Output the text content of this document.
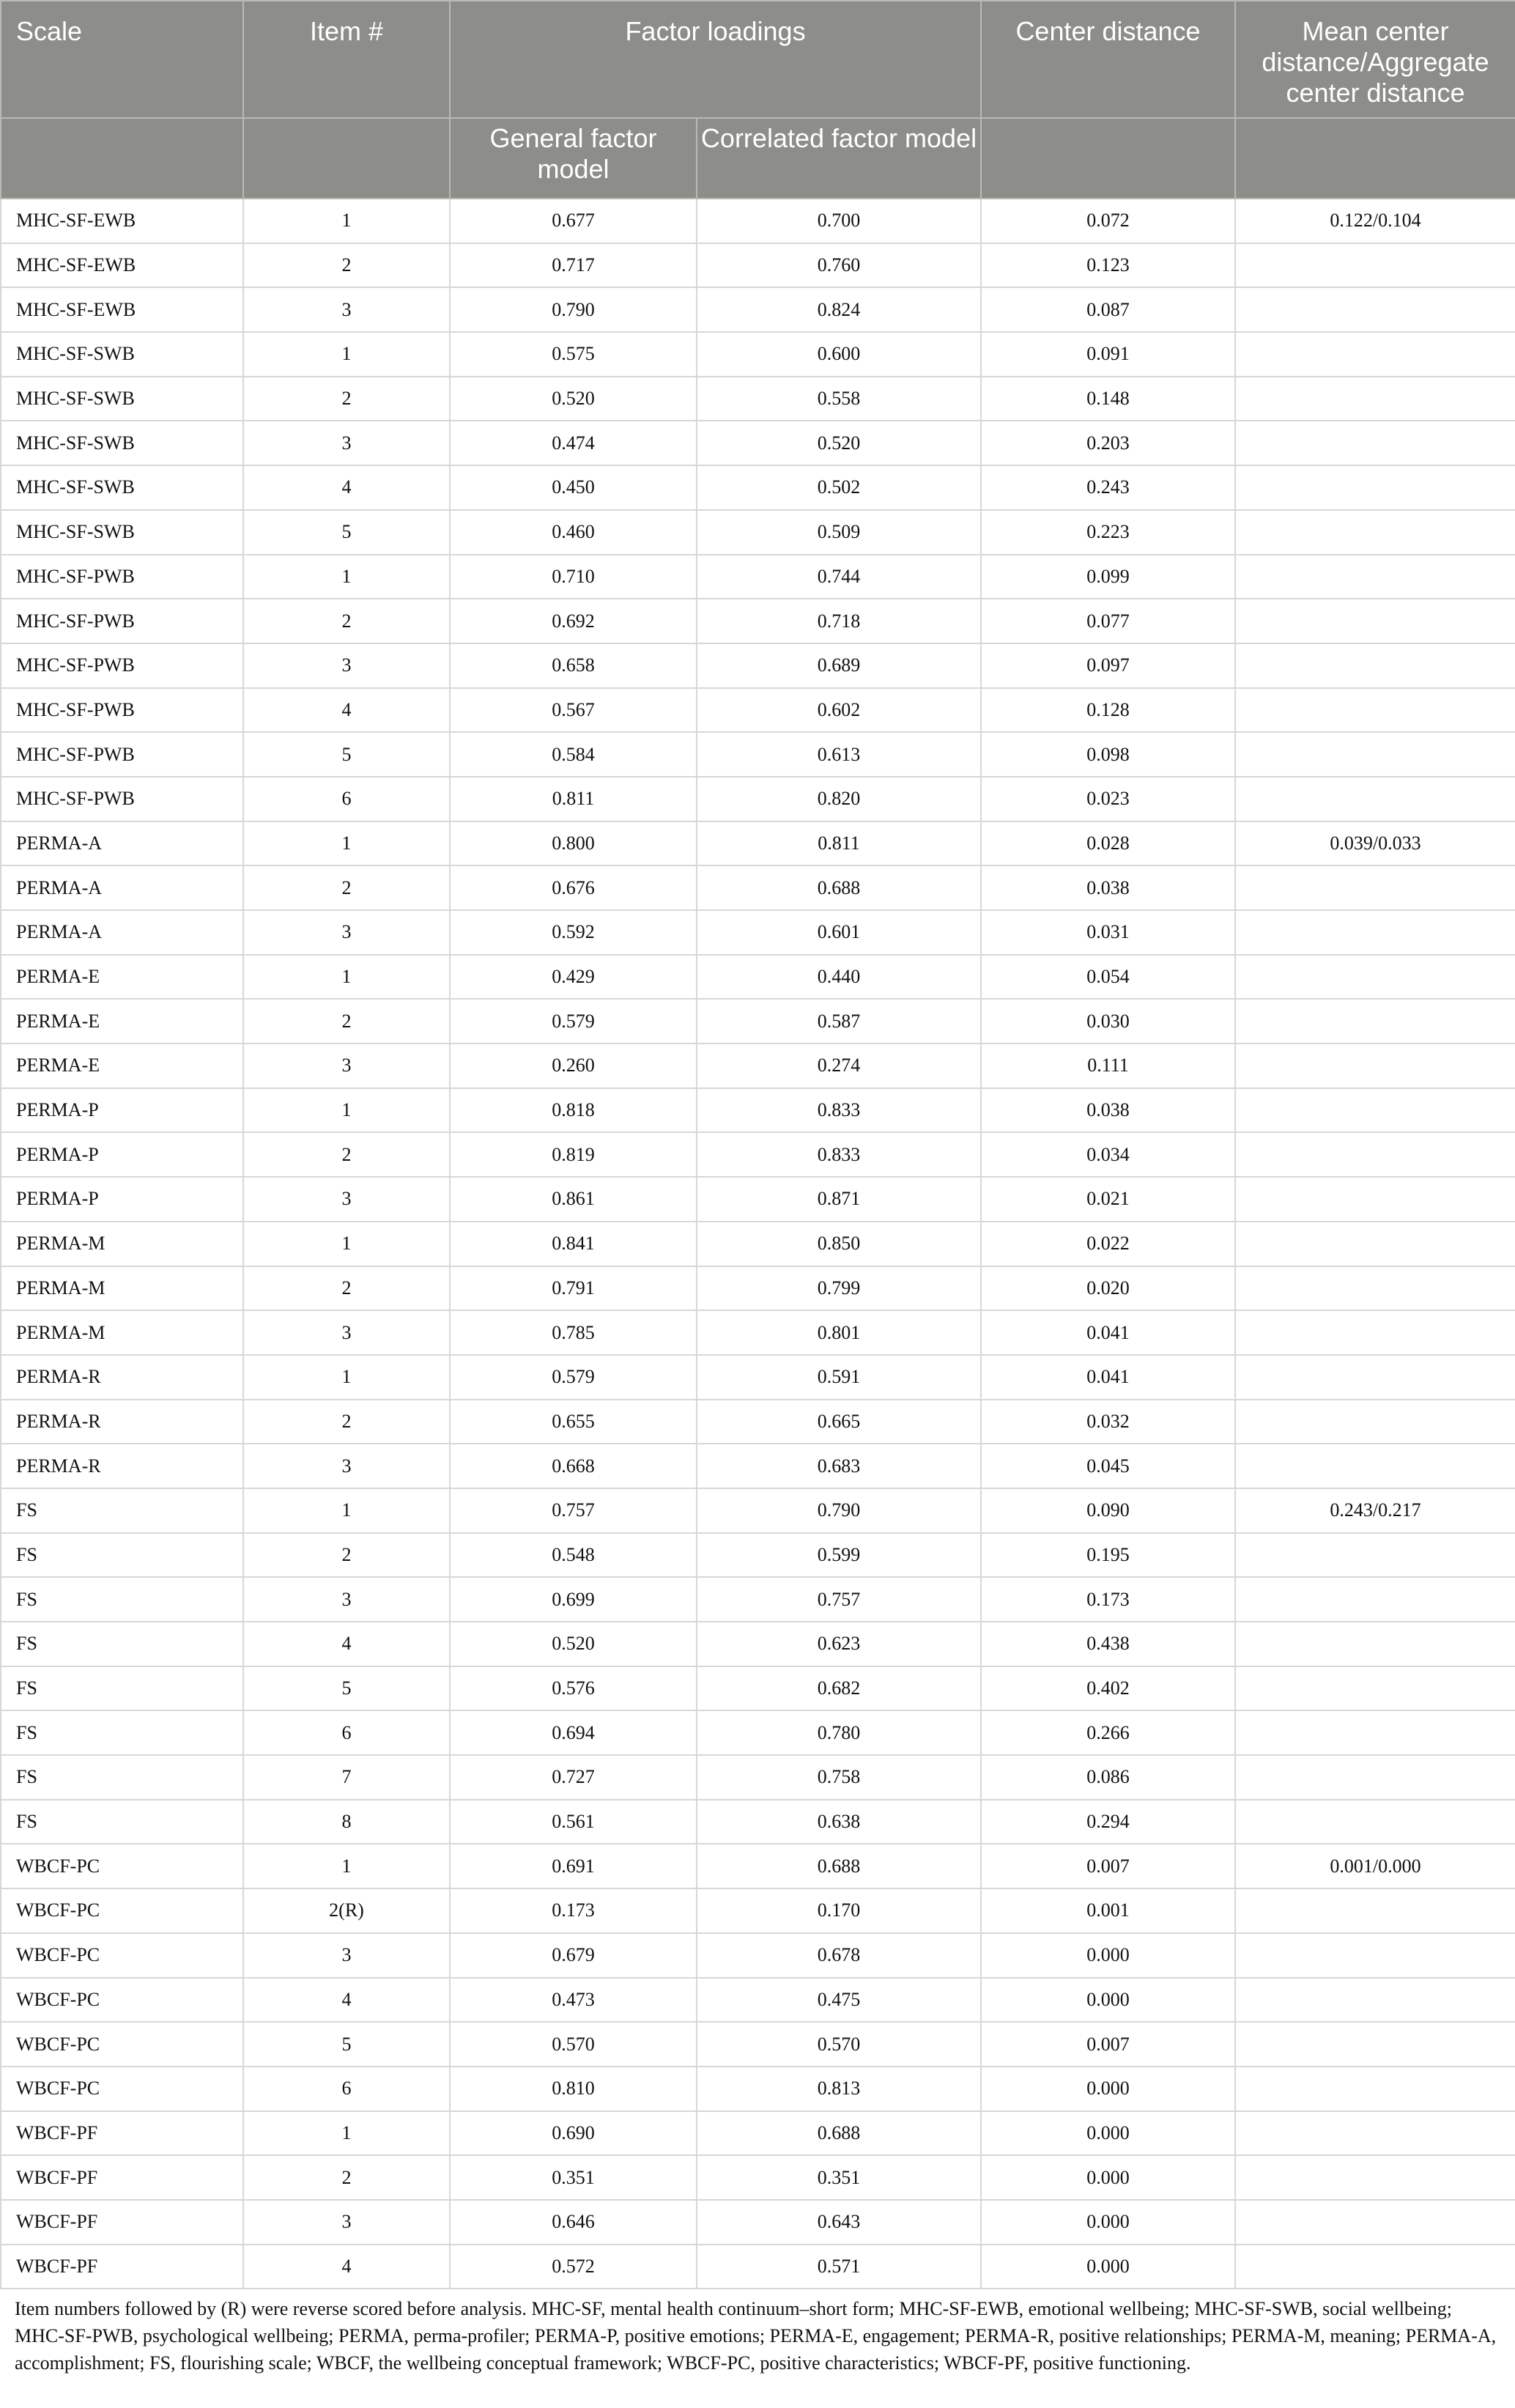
Scale	Item #	Factor loadings		Center distance	Mean center distance/Aggregate center distance
		General factor model	Correlated factor model		
MHC-SF-EWB	1	0.677	0.700	0.072	0.122/0.104
MHC-SF-EWB	2	0.717	0.760	0.123	
MHC-SF-EWB	3	0.790	0.824	0.087	
MHC-SF-SWB	1	0.575	0.600	0.091	
MHC-SF-SWB	2	0.520	0.558	0.148	
MHC-SF-SWB	3	0.474	0.520	0.203	
MHC-SF-SWB	4	0.450	0.502	0.243	
MHC-SF-SWB	5	0.460	0.509	0.223	
MHC-SF-PWB	1	0.710	0.744	0.099	
MHC-SF-PWB	2	0.692	0.718	0.077	
MHC-SF-PWB	3	0.658	0.689	0.097	
MHC-SF-PWB	4	0.567	0.602	0.128	
MHC-SF-PWB	5	0.584	0.613	0.098	
MHC-SF-PWB	6	0.811	0.820	0.023	
PERMA-A	1	0.800	0.811	0.028	0.039/0.033
PERMA-A	2	0.676	0.688	0.038	
PERMA-A	3	0.592	0.601	0.031	
PERMA-E	1	0.429	0.440	0.054	
PERMA-E	2	0.579	0.587	0.030	
PERMA-E	3	0.260	0.274	0.111	
PERMA-P	1	0.818	0.833	0.038	
PERMA-P	2	0.819	0.833	0.034	
PERMA-P	3	0.861	0.871	0.021	
PERMA-M	1	0.841	0.850	0.022	
PERMA-M	2	0.791	0.799	0.020	
PERMA-M	3	0.785	0.801	0.041	
PERMA-R	1	0.579	0.591	0.041	
PERMA-R	2	0.655	0.665	0.032	
PERMA-R	3	0.668	0.683	0.045	
FS	1	0.757	0.790	0.090	0.243/0.217
FS	2	0.548	0.599	0.195	
FS	3	0.699	0.757	0.173	
FS	4	0.520	0.623	0.438	
FS	5	0.576	0.682	0.402	
FS	6	0.694	0.780	0.266	
FS	7	0.727	0.758	0.086	
FS	8	0.561	0.638	0.294	
WBCF-PC	1	0.691	0.688	0.007	0.001/0.000
WBCF-PC	2(R)	0.173	0.170	0.001	
WBCF-PC	3	0.679	0.678	0.000	
WBCF-PC	4	0.473	0.475	0.000	
WBCF-PC	5	0.570	0.570	0.007	
WBCF-PC	6	0.810	0.813	0.000	
WBCF-PF	1	0.690	0.688	0.000	
WBCF-PF	2	0.351	0.351	0.000	
WBCF-PF	3	0.646	0.643	0.000	
WBCF-PF	4	0.572	0.571	0.000	
Item numbers followed by (R) were reverse scored before analysis. MHC-SF, mental health continuum–short form; MHC-SF-EWB, emotional wellbeing; MHC-SF-SWB, social wellbeing; MHC-SF-PWB, psychological wellbeing; PERMA, perma-profiler; PERMA-P, positive emotions; PERMA-E, engagement; PERMA-R, positive relationships; PERMA-M, meaning; PERMA-A, accomplishment; FS, flourishing scale; WBCF, the wellbeing conceptual framework; WBCF-PC, positive characteristics; WBCF-PF, positive functioning.
